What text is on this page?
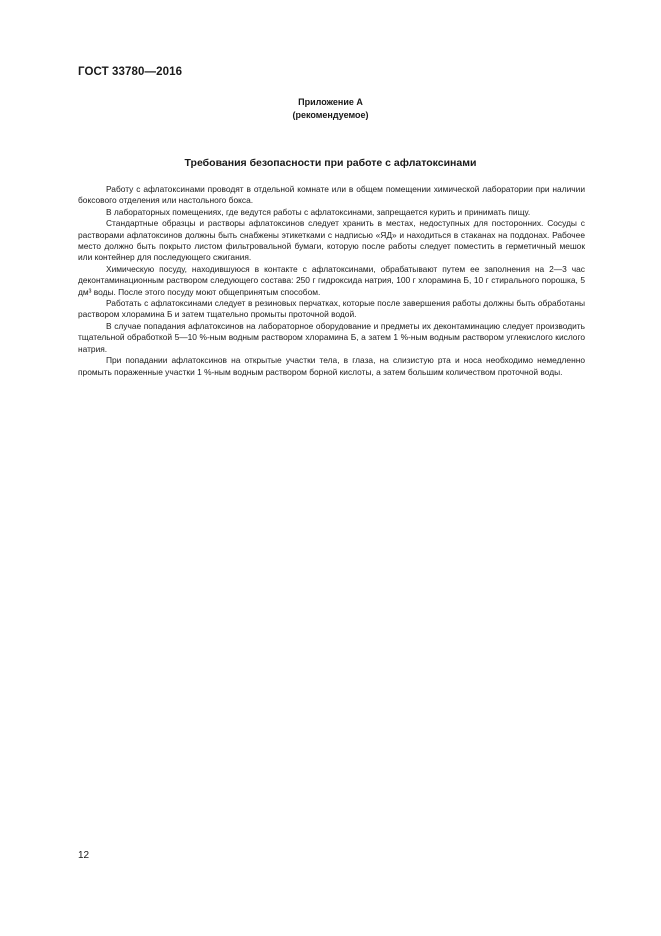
ГОСТ 33780—2016
Приложение А
(рекомендуемое)
Требования безопасности при работе с афлатоксинами

Работу с афлатоксинами проводят в отдельной комнате или в общем помещении химической лаборатории при наличии боксового отделения или настольного бокса.

В лабораторных помещениях, где ведутся работы с афлатоксинами, запрещается курить и принимать пищу.

Стандартные образцы и растворы афлатоксинов следует хранить в местах, недоступных для посторонних. Сосуды с растворами афлатоксинов должны быть снабжены этикетками с надписью «ЯД» и находиться в стаканах на поддонах. Рабочее место должно быть покрыто листом фильтровальной бумаги, которую после работы следует поместить в герметичный мешок или контейнер для последующего сжигания.

Химическую посуду, находившуюся в контакте с афлатоксинами, обрабатывают путем ее заполнения на 2—3 час деконтаминационным раствором следующего состава: 250 г гидроксида натрия, 100 г хлорамина Б, 10 г стирального порошка, 5 дм³ воды. После этого посуду моют общепринятым способом.

Работать с афлатоксинами следует в резиновых перчатках, которые после завершения работы должны быть обработаны раствором хлорамина Б и затем тщательно промыты проточной водой.

В случае попадания афлатоксинов на лабораторное оборудование и предметы их деконтаминацию следует производить тщательной обработкой 5—10 %-ным водным раствором хлорамина Б, а затем 1 %-ным водным раствором углекислого кислого натрия.

При попадании афлатоксинов на открытые участки тела, в глаза, на слизистую рта и носа необходимо немедленно промыть пораженные участки 1 %-ным водным раствором борной кислоты, а затем большим количеством проточной воды.

12
